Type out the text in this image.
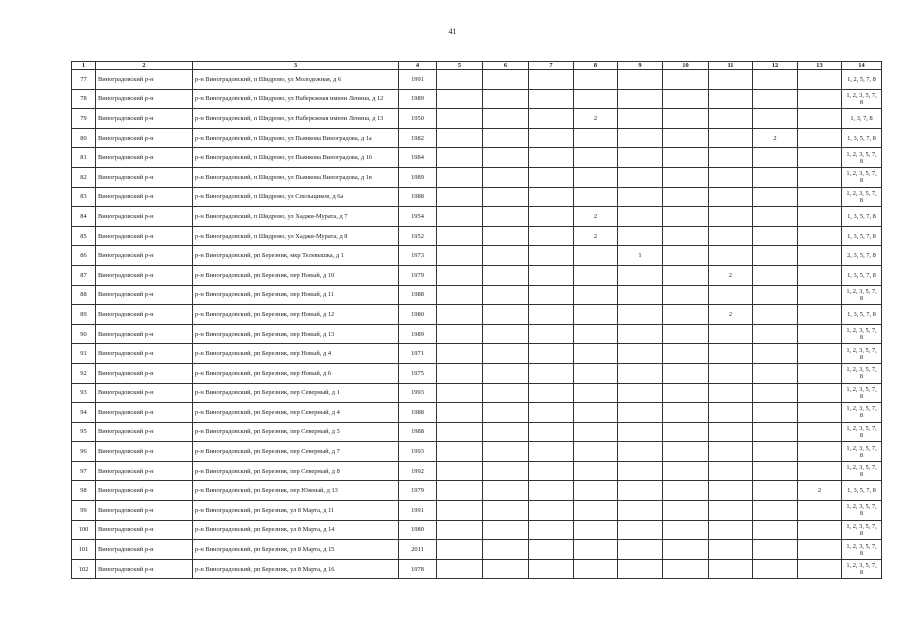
41
1	2	3	4	5	6	7	8	9	10	11	12	13	14
77	Виноградовский р-н	р-н Виноградовский, п Шидрово, ул Молодежная, д 6	1991										1, 2, 5, 7, 8
78	Виноградовский р-н	р-н Виноградовский, п Шидрово, ул Набережная имени Ленина, д 12	1989										1, 2, 3, 5, 7, 8
79	Виноградовский р-н	р-н Виноградовский, п Шидрово, ул Набережная имени Ленина, д 13	1950				2						1, 3, 7, 8
80	Виноградовский р-н	р-н Виноградовский, п Шидрово, ул Пьянкова Виноградова, д 1а	1982								2		1, 3, 5, 7, 8
81	Виноградовский р-н	р-н Виноградовский, п Шидрово, ул Пьянкова Виноградова, д 16	1984										1, 2, 3, 5, 7, 8
82	Виноградовский р-н	р-н Виноградовский, п Шидрово, ул Пьянкова Виноградова, д 1в	1989										1, 2, 3, 5, 7, 8
83	Виноградовский р-н	р-н Виноградовский, п Шидрово, ул Спельщиков, д 6а	1988										1, 2, 3, 5, 7, 8
84	Виноградовский р-н	р-н Виноградовский, п Шидрово, ул Хаджи-Мурата, д 7	1954				2						1, 3, 5, 7, 8
85	Виноградовский р-н	р-н Виноградовский, п Шидрово, ул Хаджи-Мурата, д 8	1952				2						1, 3, 5, 7, 8
86	Виноградовский р-н	р-н Виноградовский, рп Березник, мкр Телевышка, д 1	1973					1					2, 3, 5, 7, 8
87	Виноградовский р-н	р-н Виноградовский, рп Березник, пер Новый, д 10	1979							2			1, 3, 5, 7, 8
88	Виноградовский р-н	р-н Виноградовский, рп Березник, пер Новый, д 11	1988										1, 2, 3, 5, 7, 8
89	Виноградовский р-н	р-н Виноградовский, рп Березник, пер Новый, д 12	1980							2			1, 3, 5, 7, 8
90	Виноградовский р-н	р-н Виноградовский, рп Березник, пер Новый, д 13	1989										1, 2, 3, 5, 7, 8
91	Виноградовский р-н	р-н Виноградовский, рп Березник, пер Новый, д 4	1971										1, 2, 3, 5, 7, 8
92	Виноградовский р-н	р-н Виноградовский, рп Березник, пер Новый, д 6	1975										1, 2, 3, 5, 7, 8
93	Виноградовский р-н	р-н Виноградовский, рп Березник, пер Северный, д 1	1993										1, 2, 3, 5, 7, 8
94	Виноградовский р-н	р-н Виноградовский, рп Березник, пер Северный, д 4	1988										1, 2, 3, 5, 7, 8
95	Виноградовский р-н	р-н Виноградовский, рп Березник, пер Северный, д 5	1988										1, 2, 3, 5, 7, 8
96	Виноградовский р-н	р-н Виноградовский, рп Березник, пер Северный, д 7	1993										1, 2, 3, 5, 7, 8
97	Виноградовский р-н	р-н Виноградовский, рп Березник, пер Северный, д 8	1992										1, 2, 3, 5, 7, 8
98	Виноградовский р-н	р-н Виноградовский, рп Березник, пер Южный, д 13	1979									2	1, 3, 5, 7, 8
99	Виноградовский р-н	р-н Виноградовский, рп Березник, ул 8 Марта, д 11	1991										1, 2, 3, 5, 7, 8
100	Виноградовский р-н	р-н Виноградовский, рп Березник, ул 8 Марта, д 14	1980										1, 2, 3, 5, 7, 8
101	Виноградовский р-н	р-н Виноградовский, рп Березник, ул 8 Марта, д 15	2011										1, 2, 3, 5, 7, 8
102	Виноградовский р-н	р-н Виноградовский, рп Березник, ул 8 Марта, д 16	1978										1, 2, 3, 5, 7, 8
